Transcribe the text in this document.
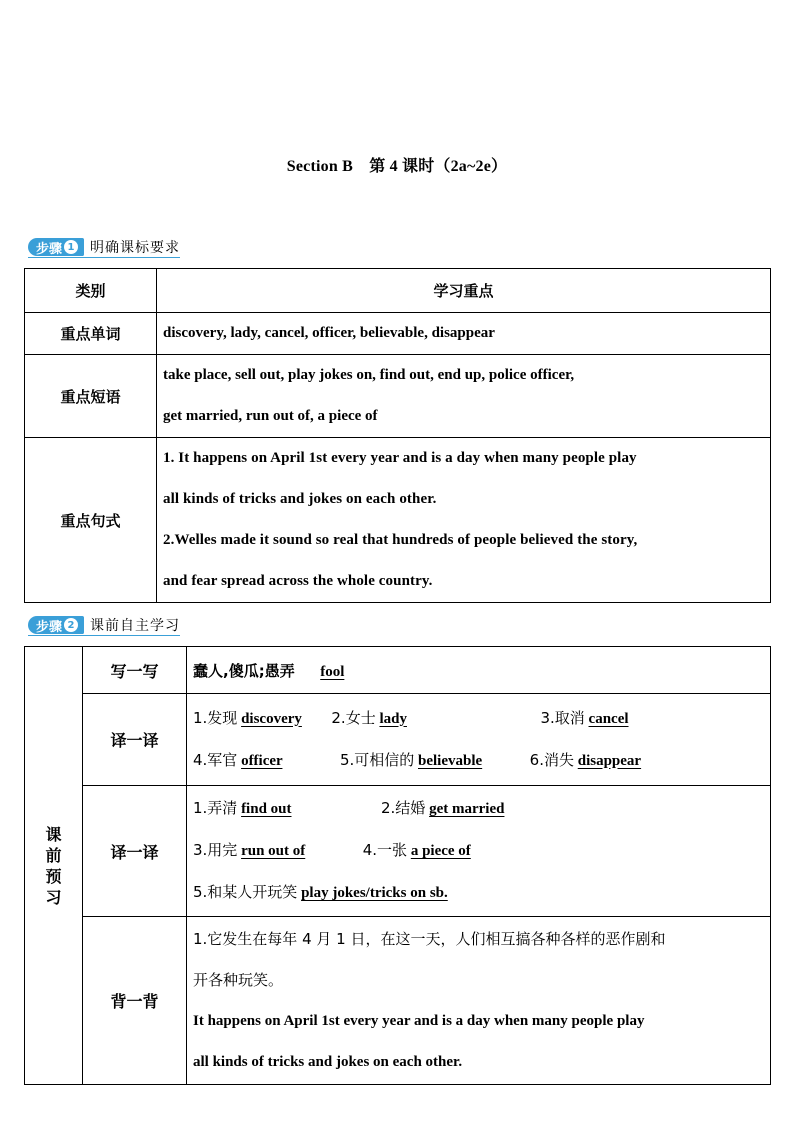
Section B　第 4 课时（2a~2e）
步骤 1 明确课标要求
类别	学习重点
重点单词	discovery, lady, cancel, officer, believable, disappear

重点短语	take place, sell out, play jokes on, find out, end up, police officer,
get married, run out of, a piece of

重点句式	1. It happens on April 1st every year and is a day when many people play
all kinds of tricks and jokes on each other.
2.Welles made it sound so real that hundreds of people believed the story,
and fear spread across the whole country.
步骤 2 课前自主学习
课
前
预
习	写一写	蠢人,傻瓜;愚弄 fool
	译一译	1.发现 discovery 2.女士 lady 3.取消 cancel
4.军官 officer 5.可相信的 believable 6.消失 disappear

	译一译	1.弄清 find out 2.结婚 get married
3.用完 run out of 4.一张 a piece of
5.和某人开玩笑 play jokes/tricks on sb.

	背一背	1.它发生在每年 4 月 1 日，在这一天，人们相互搞各种各样的恶作剧和
开各种玩笑。
It happens on April 1st every year and is a day when many people play
all kinds of tricks and jokes on each other.
